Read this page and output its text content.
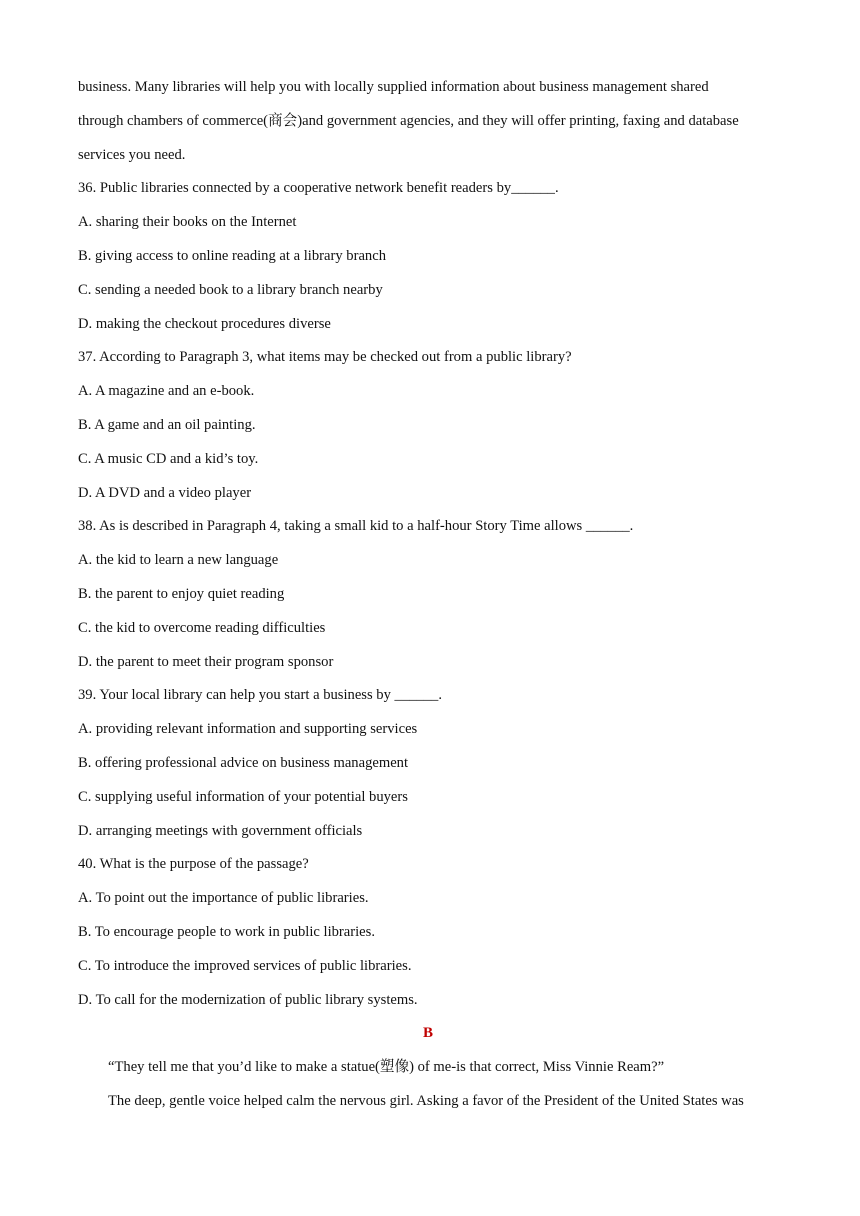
business. Many libraries will help you with locally supplied information about business management shared
through chambers of commerce(商会)and government agencies, and they will offer printing, faxing and database
services you need.
36. Public libraries connected by a cooperative network benefit readers by______.
A. sharing their books on the Internet
B. giving access to online reading at a library branch
C. sending a needed book to a library branch nearby
D. making the checkout procedures diverse
37. According to Paragraph 3, what items may be checked out from a public library?
A. A magazine and an e-book.
B. A game and an oil painting.
C. A music CD and a kid’s toy.
D. A DVD and a video player
38. As is described in Paragraph 4, taking a small kid to a half-hour Story Time allows ______.
A. the kid to learn a new language
B. the parent to enjoy quiet reading
C. the kid to overcome reading difficulties
D. the parent to meet their program sponsor
39. Your local library can help you start a business by ______.
A. providing relevant information and supporting services
B. offering professional advice on business management
C. supplying useful information of your potential buyers
D. arranging meetings with government officials
40. What is the purpose of the passage?
A. To point out the importance of public libraries.
B. To encourage people to work in public libraries.
C. To introduce the improved services of public libraries.
D. To call for the modernization of public library systems.
B
“They tell me that you’d like to make a statue(塑像) of me-is that correct, Miss Vinnie Ream?”
The deep, gentle voice helped calm the nervous girl. Asking a favor of the President of the United States was
